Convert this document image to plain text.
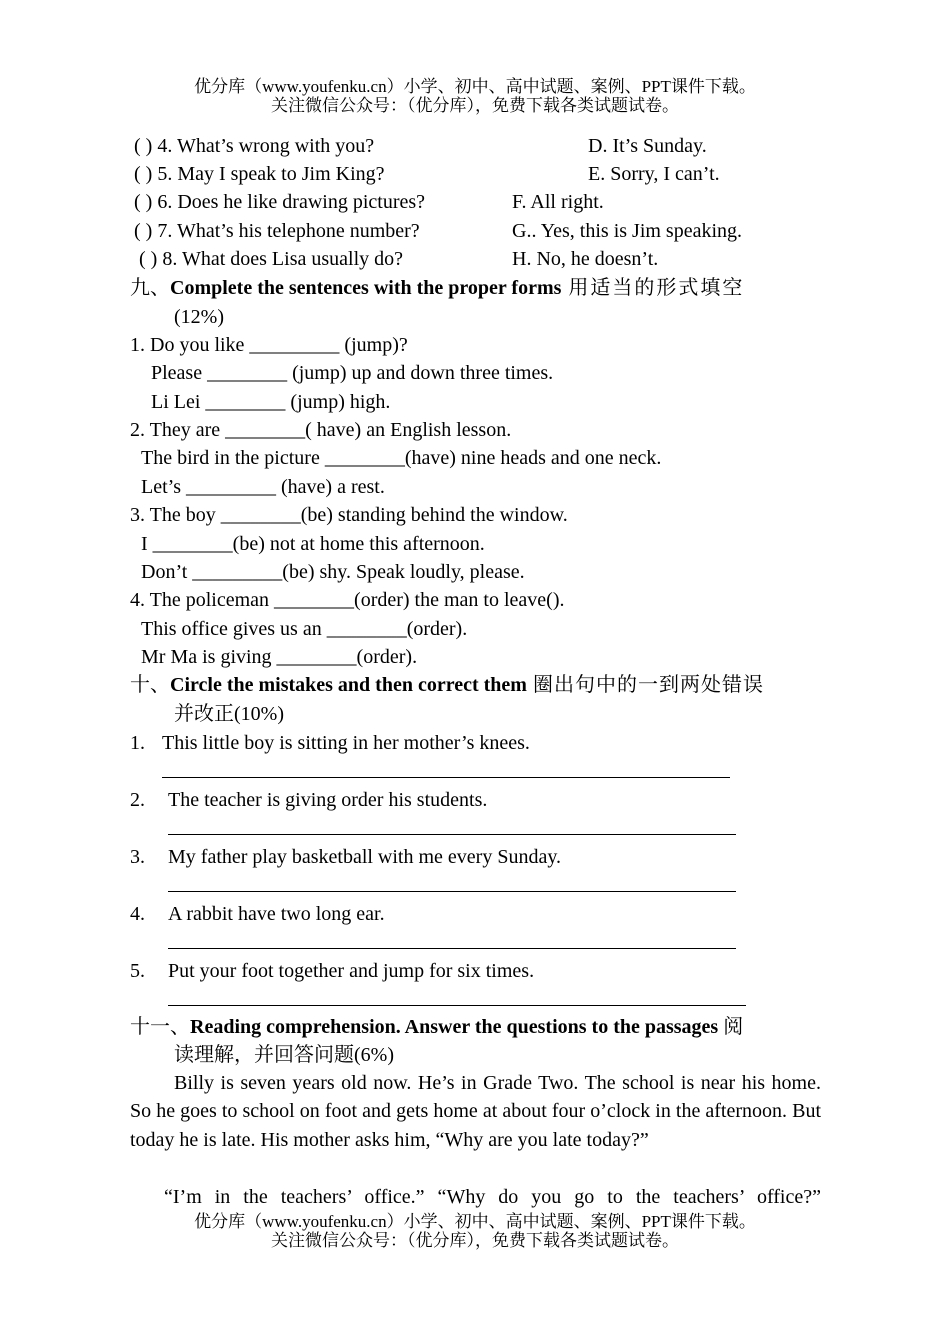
优分库（www.youfenku.cn）小学、初中、高中试题、案例、PPT课件下载。
关注微信公众号：（优分库），免费下载各类试题试卷。
( ) 4. What’s wrong with you?	D. It’s Sunday.
( ) 5. May I speak to Jim King?	E. Sorry, I can’t.
( ) 6. Does he like drawing pictures?	F. All right.
( ) 7. What’s his telephone number?	G.. Yes, this is Jim speaking.
( ) 8. What does Lisa usually do?	H. No, he doesn’t.
九、Complete the sentences with the proper forms 用适当的形式填空
(12%)
1. Do you like _________ (jump)?
Please ________ (jump) up and down three times.
Li Lei ________ (jump) high.
2. They are ________( have) an English lesson.
The bird in the picture ________(have) nine heads and one neck.
Let’s _________ (have) a rest.
3. The boy ________(be) standing behind the window.
I ________(be) not at home this afternoon.
Don’t _________(be) shy. Speak loudly, please.
4. The policeman ________(order) the man to leave().
This office gives us an ________(order).
Mr Ma is giving ________(order).
十、Circle the mistakes and then correct them 圈出句中的一到两处错误
并改正(10%)
1. This little boy is sitting in her mother’s knees.
2. The teacher is giving order his students.
3. My father play basketball with me every Sunday.
4. A rabbit have two long ear.
5. Put your foot together and jump for six times.
十一、Reading comprehension. Answer the questions to the passages 阅
读理解，并回答问题(6%)
Billy is seven years old now. He’s in Grade Two. The school is near his home. So he goes to school on foot and gets home at about four o’clock in the afternoon. But today he is late. His mother asks him, “Why are you late today?”
“I’m in the teachers’ office.” “Why do you go to the teachers’ office?”
优分库（www.youfenku.cn）小学、初中、高中试题、案例、PPT课件下载。
关注微信公众号：（优分库），免费下载各类试题试卷。
